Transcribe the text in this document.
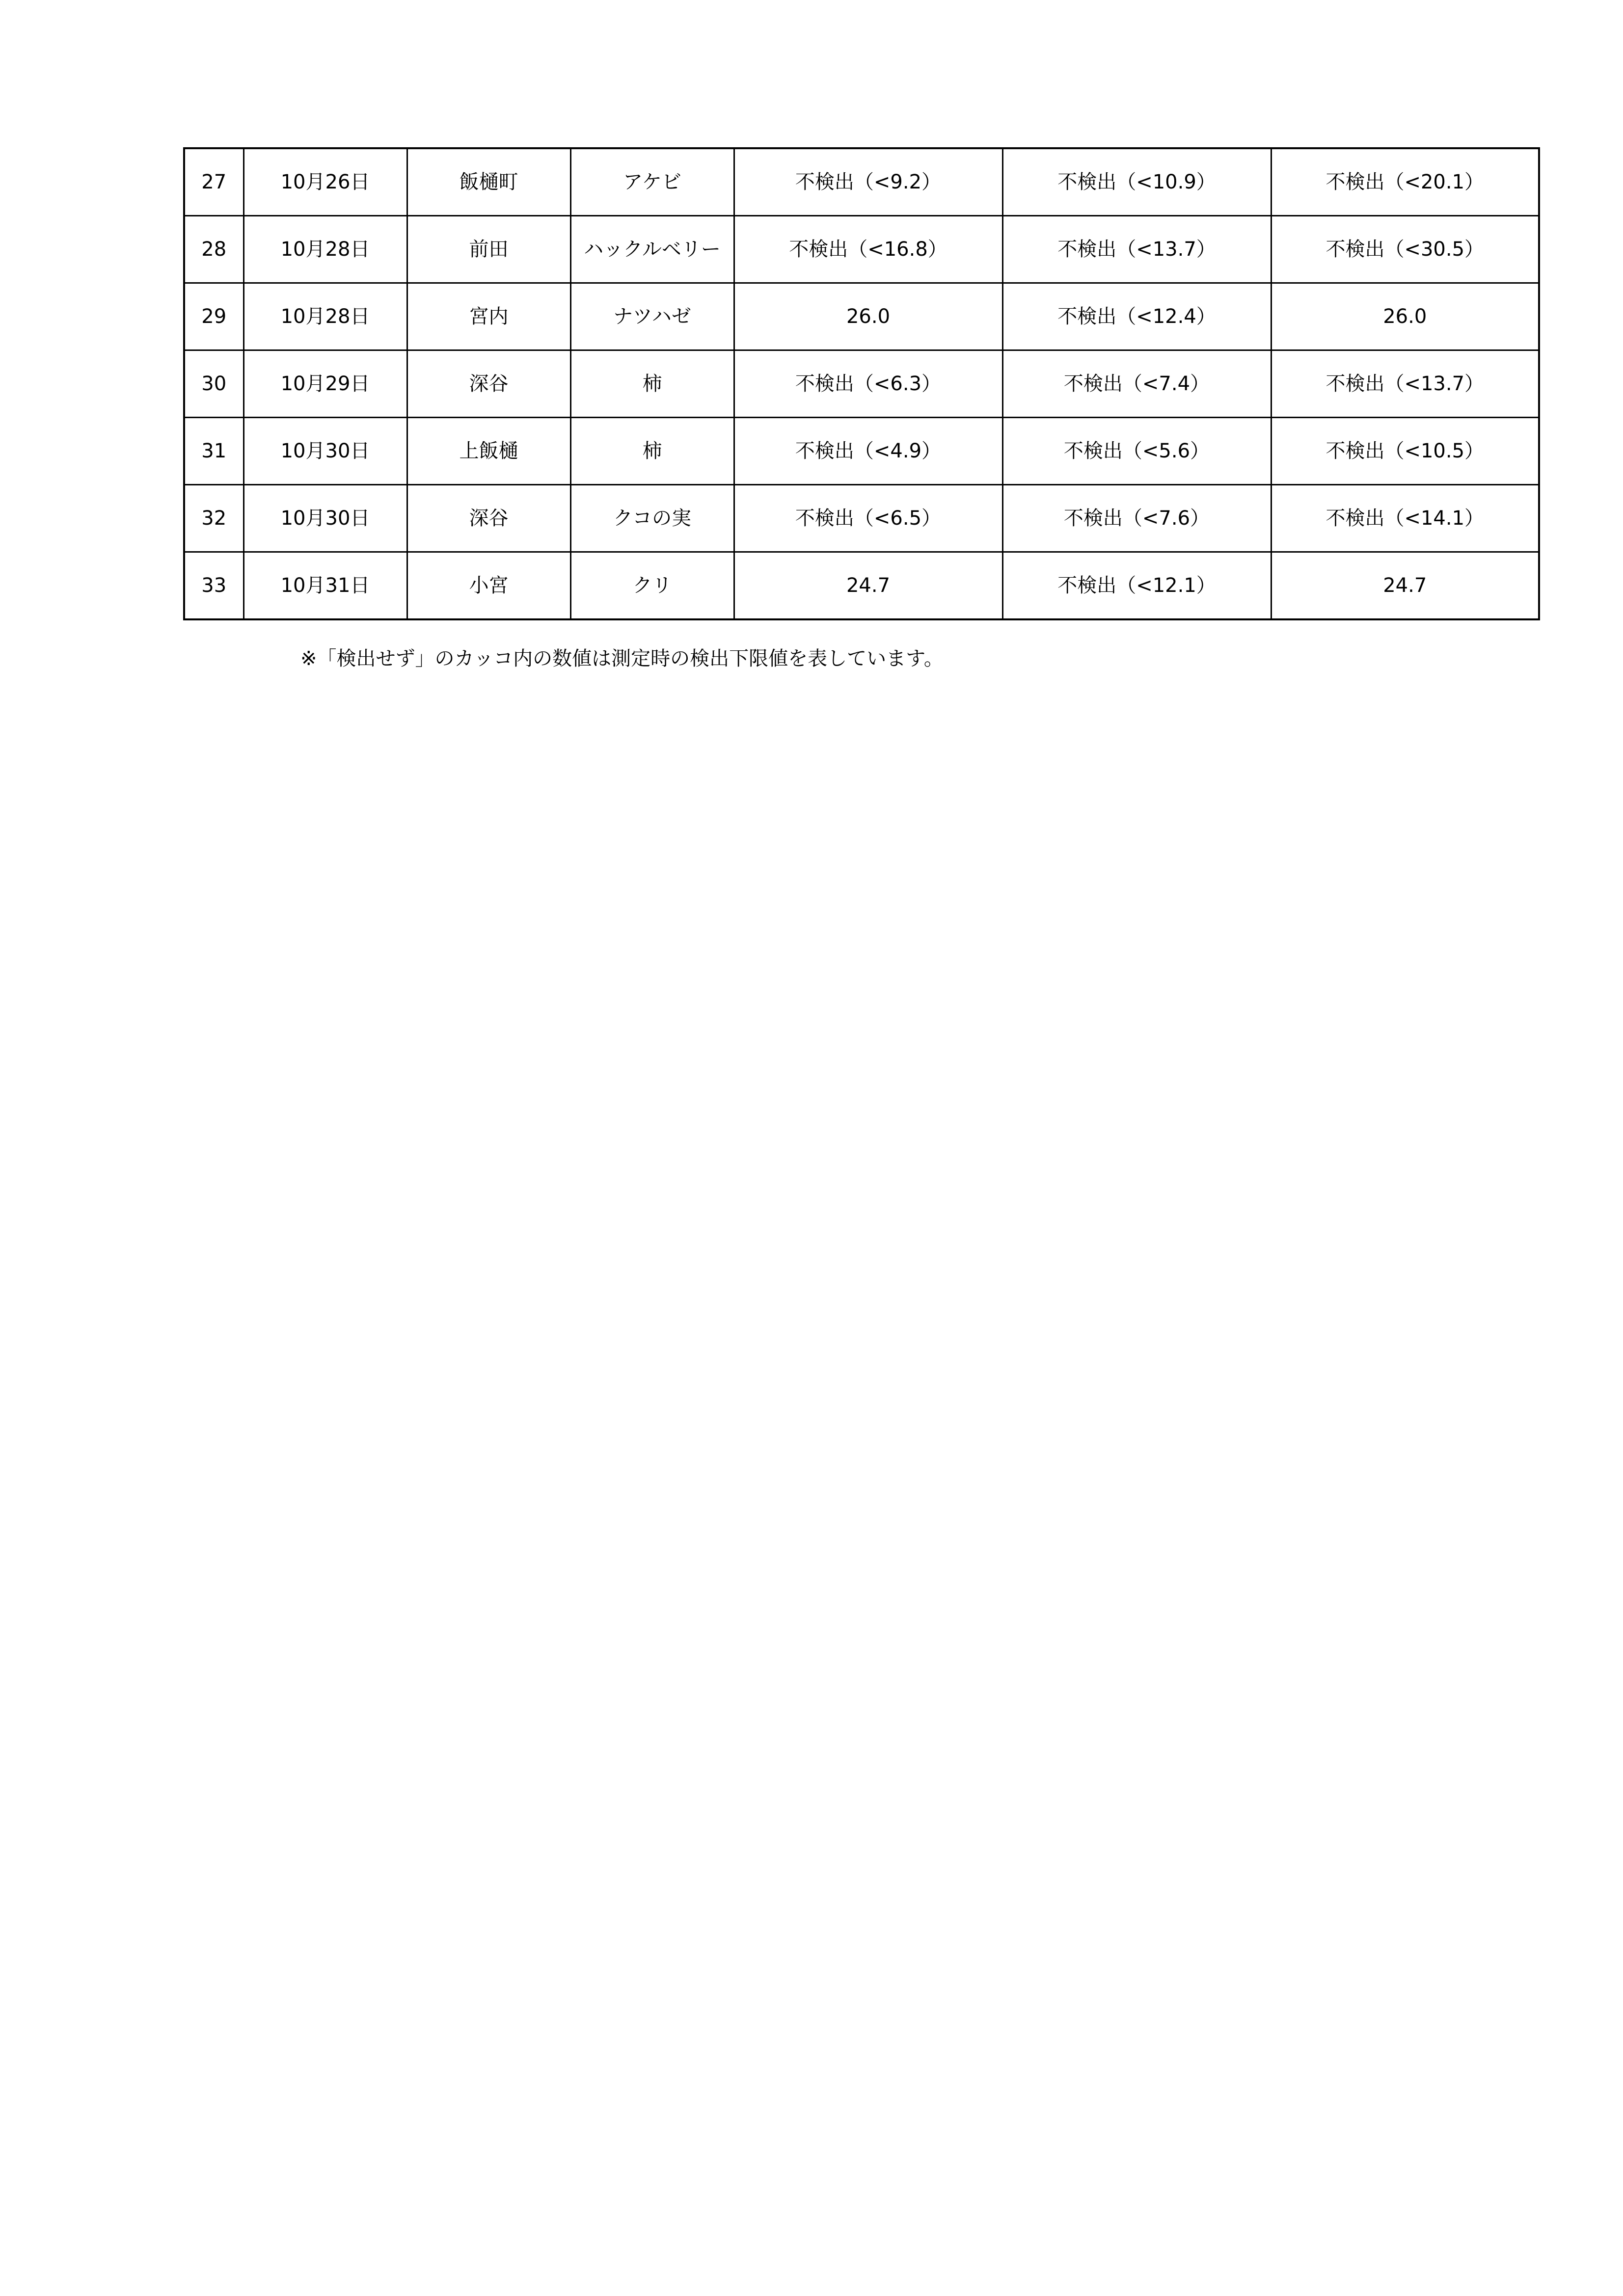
27	10月26日	飯樋町	アケビ	不検出（<9.2）	不検出（<10.9）	不検出（<20.1）
28	10月28日	前田	ハックルベリー	不検出（<16.8）	不検出（<13.7）	不検出（<30.5）
29	10月28日	宮内	ナツハゼ	26.0	不検出（<12.4）	26.0
30	10月29日	深谷	柿	不検出（<6.3）	不検出（<7.4）	不検出（<13.7）
31	10月30日	上飯樋	柿	不検出（<4.9）	不検出（<5.6）	不検出（<10.5）
32	10月30日	深谷	クコの実	不検出（<6.5）	不検出（<7.6）	不検出（<14.1）
33	10月31日	小宮	クリ	24.7	不検出（<12.1）	24.7
※「検出せず」のカッコ内の数値は測定時の検出下限値を表しています。
